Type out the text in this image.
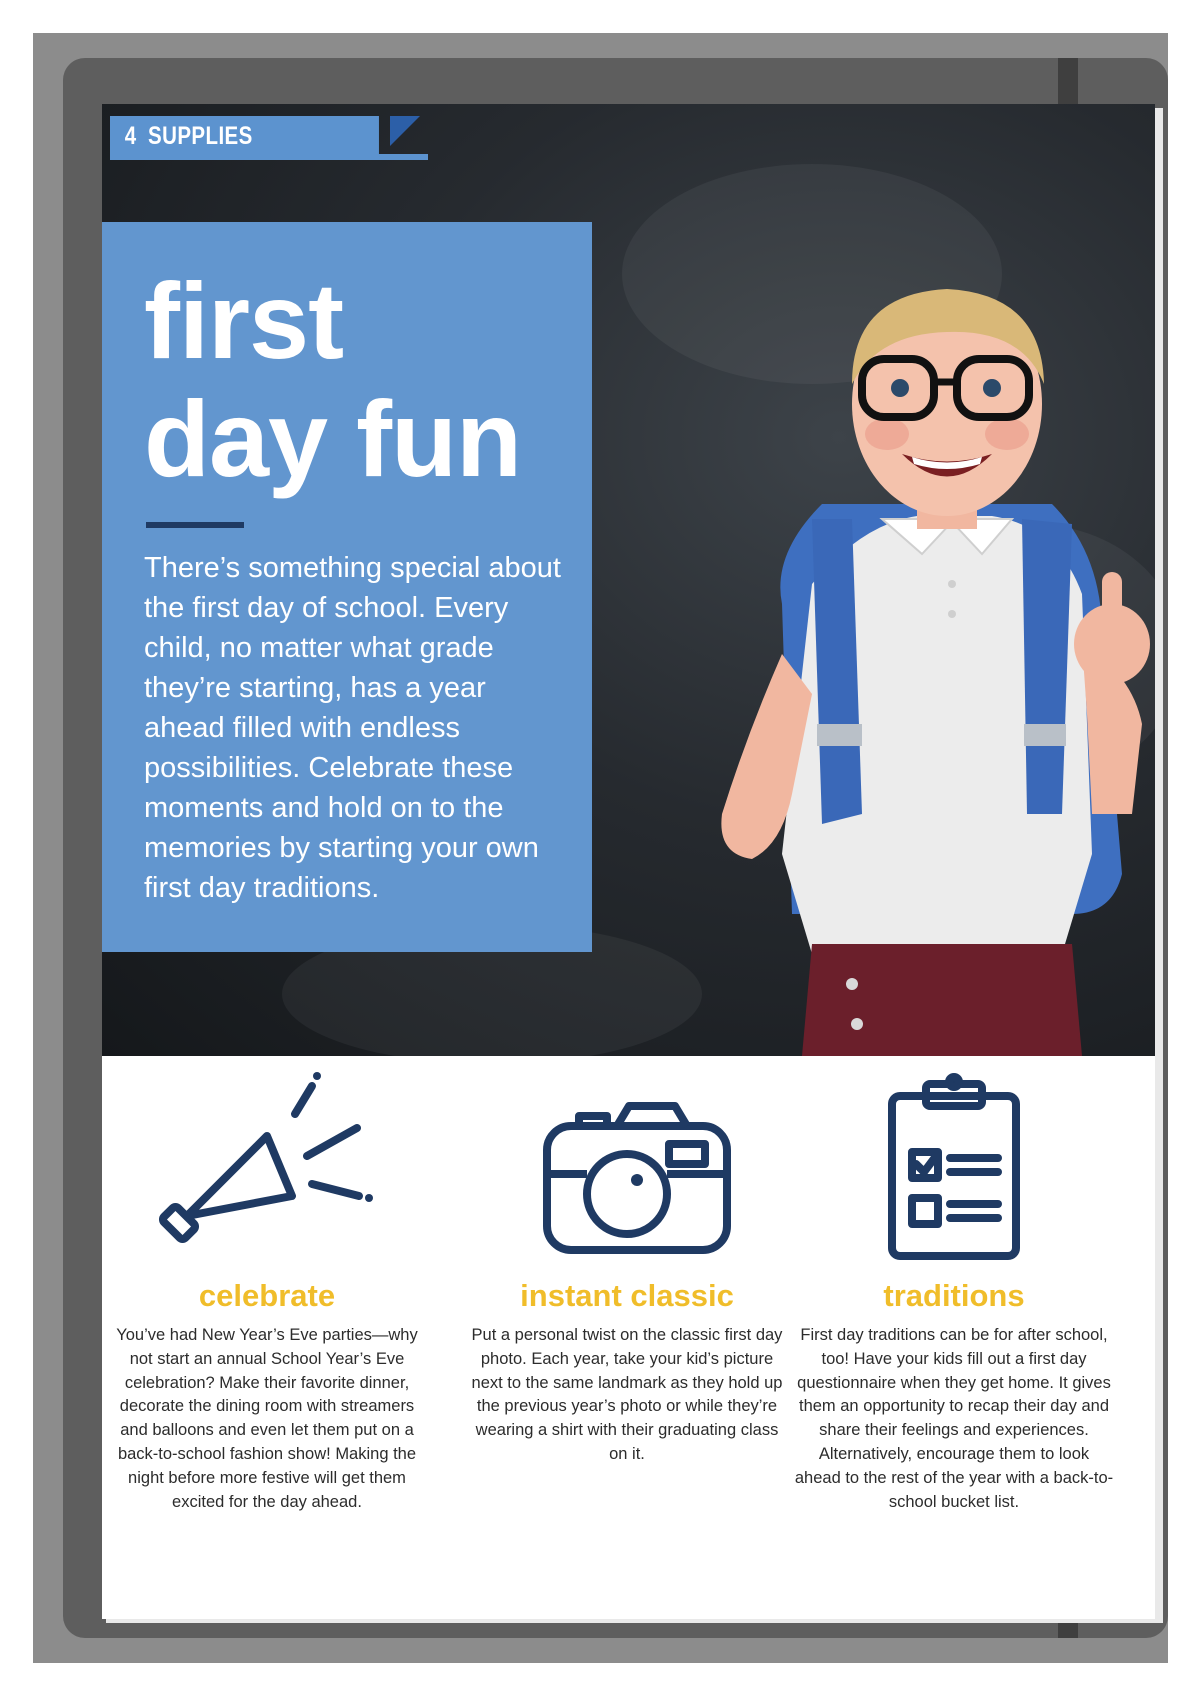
4 SUPPLIES
first
day fun

There’s something special about the first day of school. Every child, no matter what grade they’re starting, has a year ahead filled with endless possibilities. Celebrate these moments and hold on to the memories by starting your own first day traditions.

celebrate

You’ve had New Year’s Eve parties—why not start an annual School Year’s Eve celebration? Make their favorite dinner, decorate the dining room with streamers and balloons and even let them put on a back-to-school fashion show! Making the night before more festive will get them excited for the day ahead.

instant classic

Put a personal twist on the classic first day photo. Each year, take your kid’s picture next to the same landmark as they hold up the previous year’s photo or while they’re wearing a shirt with their graduating class on it.

traditions

First day traditions can be for after school, too! Have your kids fill out a first day questionnaire when they get home. It gives them an opportunity to recap their day and share their feelings and experiences. Alternatively, encourage them to look ahead to the rest of the year with a back-to-school bucket list.
